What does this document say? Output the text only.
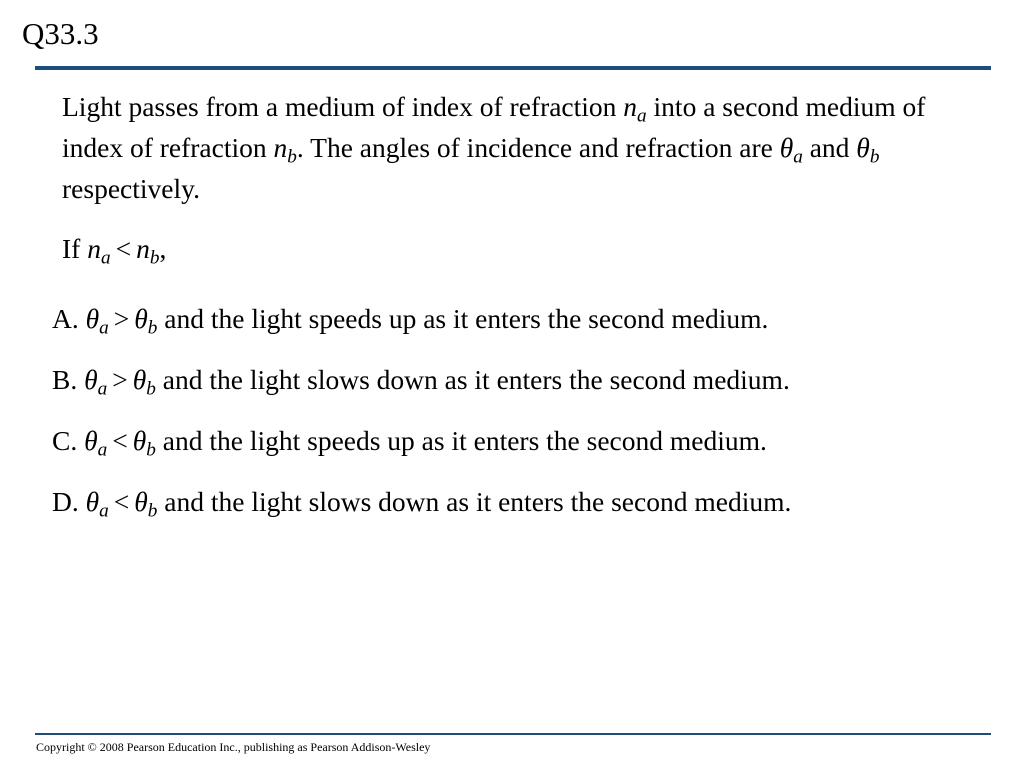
Q33.3
Light passes from a medium of index of refraction $n_a$ into a second medium of index of refraction $n_b$. The angles of incidence and refraction are $\theta_a$ and $\theta_b$ respectively.
If $n_a < n_b$,
A. $\theta_a > \theta_b$ and the light speeds up as it enters the second medium.
B. $\theta_a > \theta_b$ and the light slows down as it enters the second medium.
C. $\theta_a < \theta_b$ and the light speeds up as it enters the second medium.
D. $\theta_a < \theta_b$ and the light slows down as it enters the second medium.
Copyright © 2008 Pearson Education Inc., publishing as Pearson Addison-Wesley
